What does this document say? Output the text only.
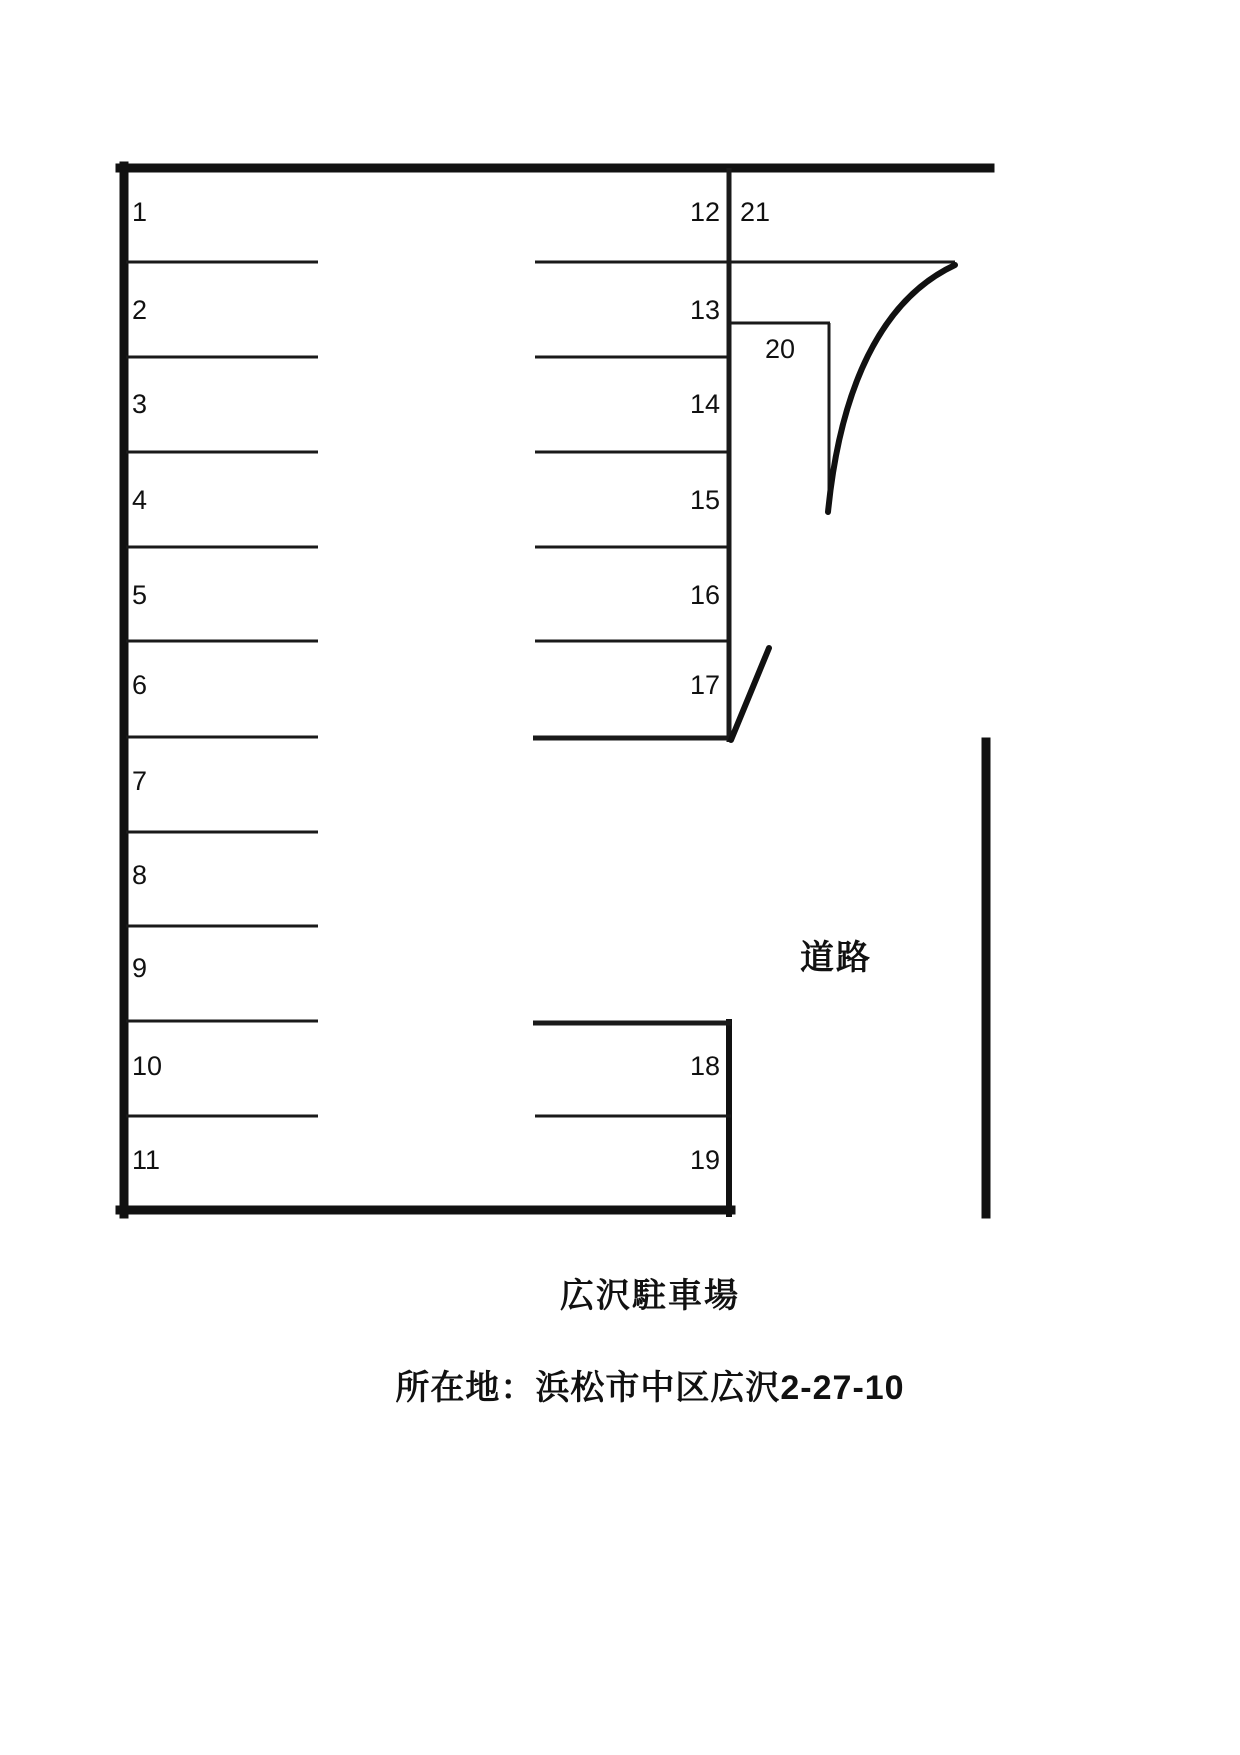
1
2
3
4
5
6
7
8
9
10
11
12
13
14
15
16
17
18
19
21
20
道路
広沢駐車場
所在地：浜松市中区広沢2-27-10
